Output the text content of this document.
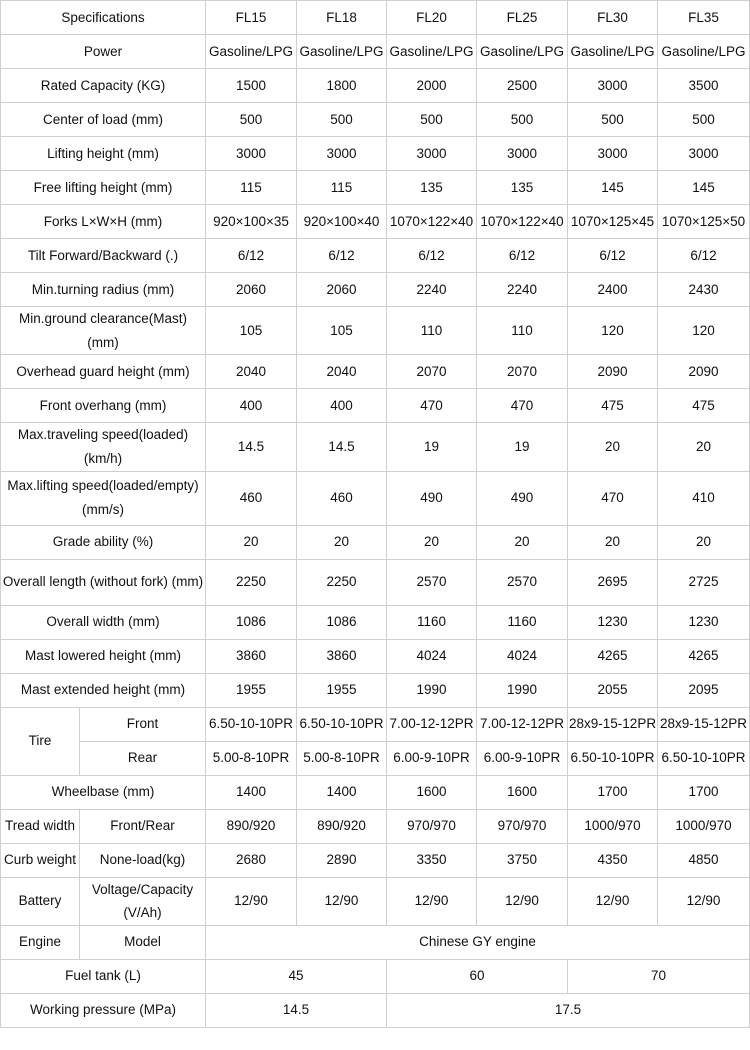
Specifications		FL15	FL18	FL20	FL25	FL30	FL35
Power		Gasoline/LPG	Gasoline/LPG	Gasoline/LPG	Gasoline/LPG	Gasoline/LPG	Gasoline/LPG
Rated Capacity (KG)		1500	1800	2000	2500	3000	3500
Center of load (mm)		500	500	500	500	500	500
Lifting height (mm)		3000	3000	3000	3000	3000	3000
Free lifting height (mm)		115	115	135	135	145	145
Forks L×W×H (mm)		920×100×35	920×100×40	1070×122×40	1070×122×40	1070×125×45	1070×125×50
Tilt Forward/Backward (.)		6/12	6/12	6/12	6/12	6/12	6/12
Min.turning radius (mm)		2060	2060	2240	2240	2400	2430
Min.ground clearance(Mast) (mm)		105	105	110	110	120	120
Overhead guard height (mm)		2040	2040	2070	2070	2090	2090
Front overhang (mm)		400	400	470	470	475	475
Max.traveling speed(loaded) (km/h)		14.5	14.5	19	19	20	20
Max.lifting speed(loaded/empty) (mm/s)		460	460	490	490	470	410
Grade ability (%)		20	20	20	20	20	20
Overall length (without fork) (mm)		2250	2250	2570	2570	2695	2725
Overall width (mm)		1086	1086	1160	1160	1230	1230
Mast lowered height (mm)		3860	3860	4024	4024	4265	4265
Mast extended height (mm)		1955	1955	1990	1990	2055	2095
Tire	Front	6.50-10-10PR	6.50-10-10PR	7.00-12-12PR	7.00-12-12PR	28x9-15-12PR	28x9-15-12PR
	Rear	5.00-8-10PR	5.00-8-10PR	6.00-9-10PR	6.00-9-10PR	6.50-10-10PR	6.50-10-10PR
Wheelbase (mm)		1400	1400	1600	1600	1700	1700
Tread width	Front/Rear	890/920	890/920	970/970	970/970	1000/970	1000/970
Curb weight	None-load(kg)	2680	2890	3350	3750	4350	4850
Battery	Voltage/Capacity (V/Ah)	12/90	12/90	12/90	12/90	12/90	12/90
Engine	Model	Chinese GY engine					
Fuel tank (L)		45		60		70	
Working pressure (MPa)		14.5		17.5			
